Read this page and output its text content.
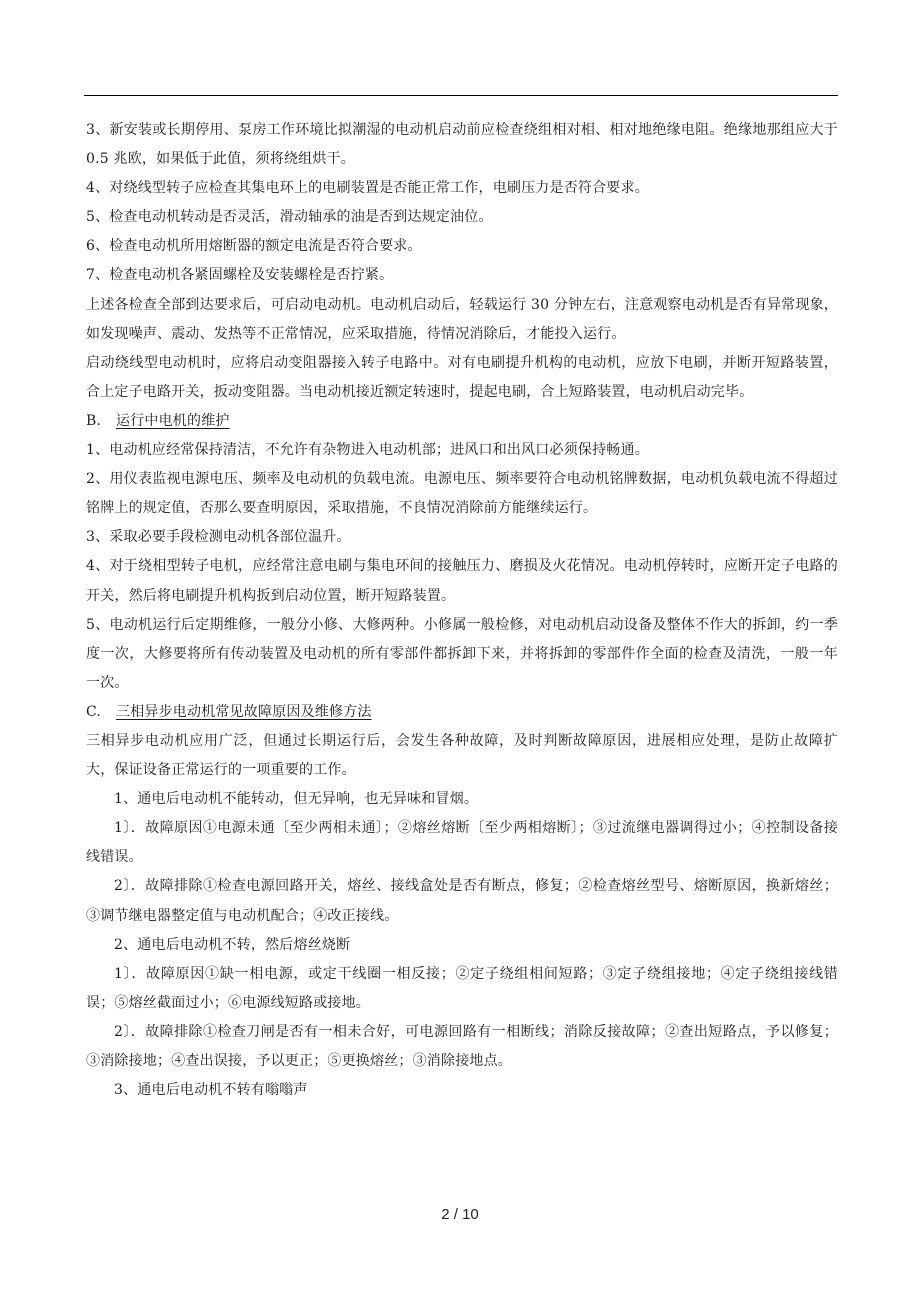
3、新安装或长期停用、泵房工作环境比拟潮湿的电动机启动前应检查绕组相对相、相对地绝缘电阻。绝缘地那组应大于 0.5 兆欧，如果低于此值，须将绕组烘干。

4、对绕线型转子应检查其集电环上的电刷装置是否能正常工作，电刷压力是否符合要求。

5、检查电动机转动是否灵活，滑动轴承的油是否到达规定油位。

6、检查电动机所用熔断器的额定电流是否符合要求。

7、检查电动机各紧固螺栓及安装螺栓是否拧紧。

上述各检查全部到达要求后，可启动电动机。电动机启动后，轻载运行 30 分钟左右，注意观察电动机是否有异常现象，如发现噪声、震动、发热等不正常情况，应采取措施，待情况消除后，才能投入运行。

启动绕线型电动机时，应将启动变阻器接入转子电路中。对有电刷提升机构的电动机，应放下电刷，并断开短路装置，合上定子电路开关，扳动变阻器。当电动机接近额定转速时，提起电刷，合上短路装置，电动机启动完毕。

B. 运行中电机的维护

1、电动机应经常保持清洁，不允许有杂物进入电动机部；进风口和出风口必须保持畅通。

2、用仪表监视电源电压、频率及电动机的负载电流。电源电压、频率要符合电动机铭牌数据，电动机负载电流不得超过铭牌上的规定值，否那么要查明原因，采取措施，不良情况消除前方能继续运行。

3、采取必要手段检测电动机各部位温升。

4、对于绕相型转子电机，应经常注意电刷与集电环间的接触压力、磨损及火花情况。电动机停转时，应断开定子电路的开关，然后将电刷提升机构扳到启动位置，断开短路装置。

5、电动机运行后定期维修，一般分小修、大修两种。小修属一般检修，对电动机启动设备及整体不作大的拆卸，约一季度一次，大修要将所有传动装置及电动机的所有零部件都拆卸下来，并将拆卸的零部件作全面的检查及清洗，一般一年一次。

C. 三相异步电动机常见故障原因及维修方法

三相异步电动机应用广泛，但通过长期运行后，会发生各种故障，及时判断故障原因，进展相应处理，是防止故障扩大，保证设备正常运行的一项重要的工作。

1、通电后电动机不能转动，但无异响，也无异味和冒烟。

1〕．故障原因①电源未通〔至少两相未通〕；②熔丝熔断〔至少两相熔断〕；③过流继电器调得过小；④控制设备接线错误。

2〕．故障排除①检查电源回路开关，熔丝、接线盒处是否有断点，修复；②检查熔丝型号、熔断原因，换新熔丝；③调节继电器整定值与电动机配合；④改正接线。

2、通电后电动机不转，然后熔丝烧断

1〕．故障原因①缺一相电源，或定干线圈一相反接；②定子绕组相间短路；③定子绕组接地；④定子绕组接线错误；⑤熔丝截面过小；⑥电源线短路或接地。

2〕．故障排除①检查刀闸是否有一相未合好，可电源回路有一相断线；消除反接故障；②查出短路点，予以修复；③消除接地；④查出误接，予以更正；⑤更换熔丝；③消除接地点。

3、通电后电动机不转有嗡嗡声

2 / 10
